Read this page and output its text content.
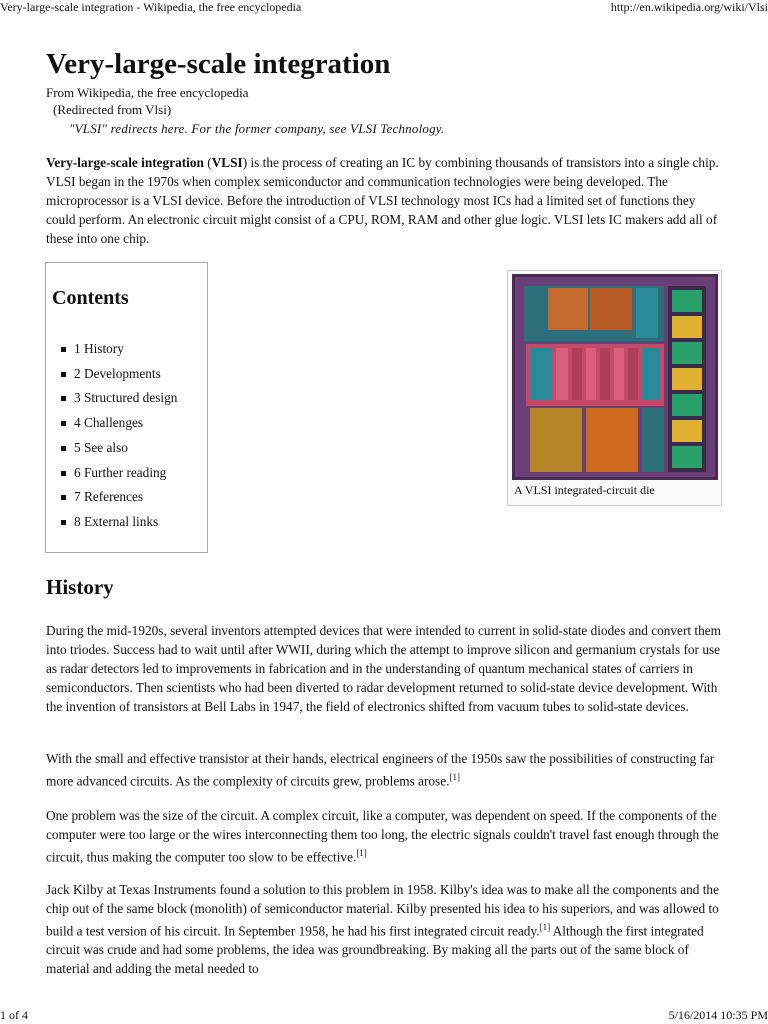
Very-large-scale integration - Wikipedia, the free encyclopedia	http://en.wikipedia.org/wiki/Vlsi
Very-large-scale integration
From Wikipedia, the free encyclopedia
(Redirected from Vlsi)
"VLSI" redirects here. For the former company, see VLSI Technology.

Very-large-scale integration (VLSI) is the process of creating an IC by combining thousands of transistors into a single chip. VLSI began in the 1970s when complex semiconductor and communication technologies were being developed. The microprocessor is a VLSI device. Before the introduction of VLSI technology most ICs had a limited set of functions they could perform. An electronic circuit might consist of a CPU, ROM, RAM and other glue logic. VLSI lets IC makers add all of these into one chip.

Contents
1 History
2 Developments
3 Structured design
4 Challenges
5 See also
6 Further reading
7 References
8 External links
A VLSI integrated-circuit die
History

During the mid-1920s, several inventors attempted devices that were intended to current in solid-state diodes and convert them into triodes. Success had to wait until after WWII, during which the attempt to improve silicon and germanium crystals for use as radar detectors led to improvements in fabrication and in the understanding of quantum mechanical states of carriers in semiconductors. Then scientists who had been diverted to radar development returned to solid-state device development. With the invention of transistors at Bell Labs in 1947, the field of electronics shifted from vacuum tubes to solid-state devices.

With the small and effective transistor at their hands, electrical engineers of the 1950s saw the possibilities of constructing far more advanced circuits. As the complexity of circuits grew, problems arose.[1]

One problem was the size of the circuit. A complex circuit, like a computer, was dependent on speed. If the components of the computer were too large or the wires interconnecting them too long, the electric signals couldn't travel fast enough through the circuit, thus making the computer too slow to be effective.[1]

Jack Kilby at Texas Instruments found a solution to this problem in 1958. Kilby's idea was to make all the components and the chip out of the same block (monolith) of semiconductor material. Kilby presented his idea to his superiors, and was allowed to build a test version of his circuit. In September 1958, he had his first integrated circuit ready.[1] Although the first integrated circuit was crude and had some problems, the idea was groundbreaking. By making all the parts out of the same block of material and adding the metal needed to

1 of 4	5/16/2014 10:35 PM
